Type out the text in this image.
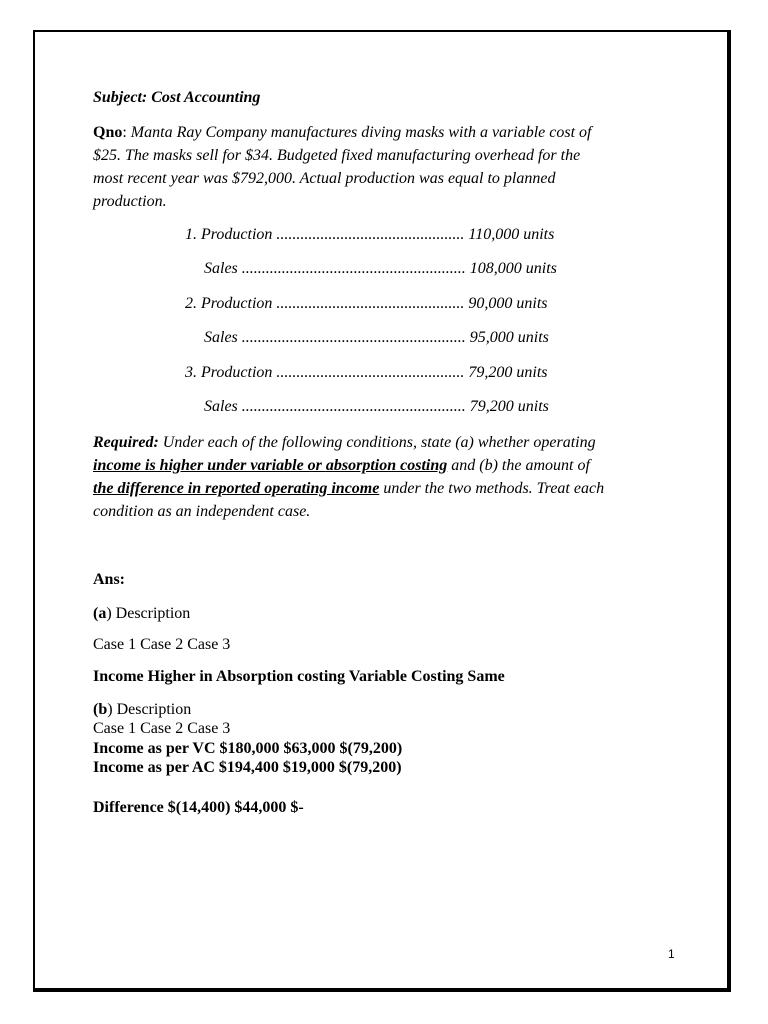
Subject: Cost Accounting
Qno: Manta Ray Company manufactures diving masks with a variable cost of
$25. The masks sell for $34. Budgeted fixed manufacturing overhead for the
most recent year was $792,000. Actual production was equal to planned
production.
1. Production ............................................... 110,000 units
Sales ........................................................ 108,000 units
2. Production ............................................... 90,000 units
Sales ........................................................ 95,000 units
3. Production ............................................... 79,200 units
Sales ........................................................ 79,200 units
Required: Under each of the following conditions, state (a) whether operating
income is higher under variable or absorption costing and (b) the amount of
the difference in reported operating income under the two methods. Treat each
condition as an independent case.
Ans:
(a) Description
Case 1 Case 2 Case 3
Income Higher in Absorption costing Variable Costing Same
(b) Description
Case 1 Case 2 Case 3
Income as per VC $180,000 $63,000 $(79,200)
Income as per AC $194,400 $19,000 $(79,200)
Difference $(14,400) $44,000 $-
1
